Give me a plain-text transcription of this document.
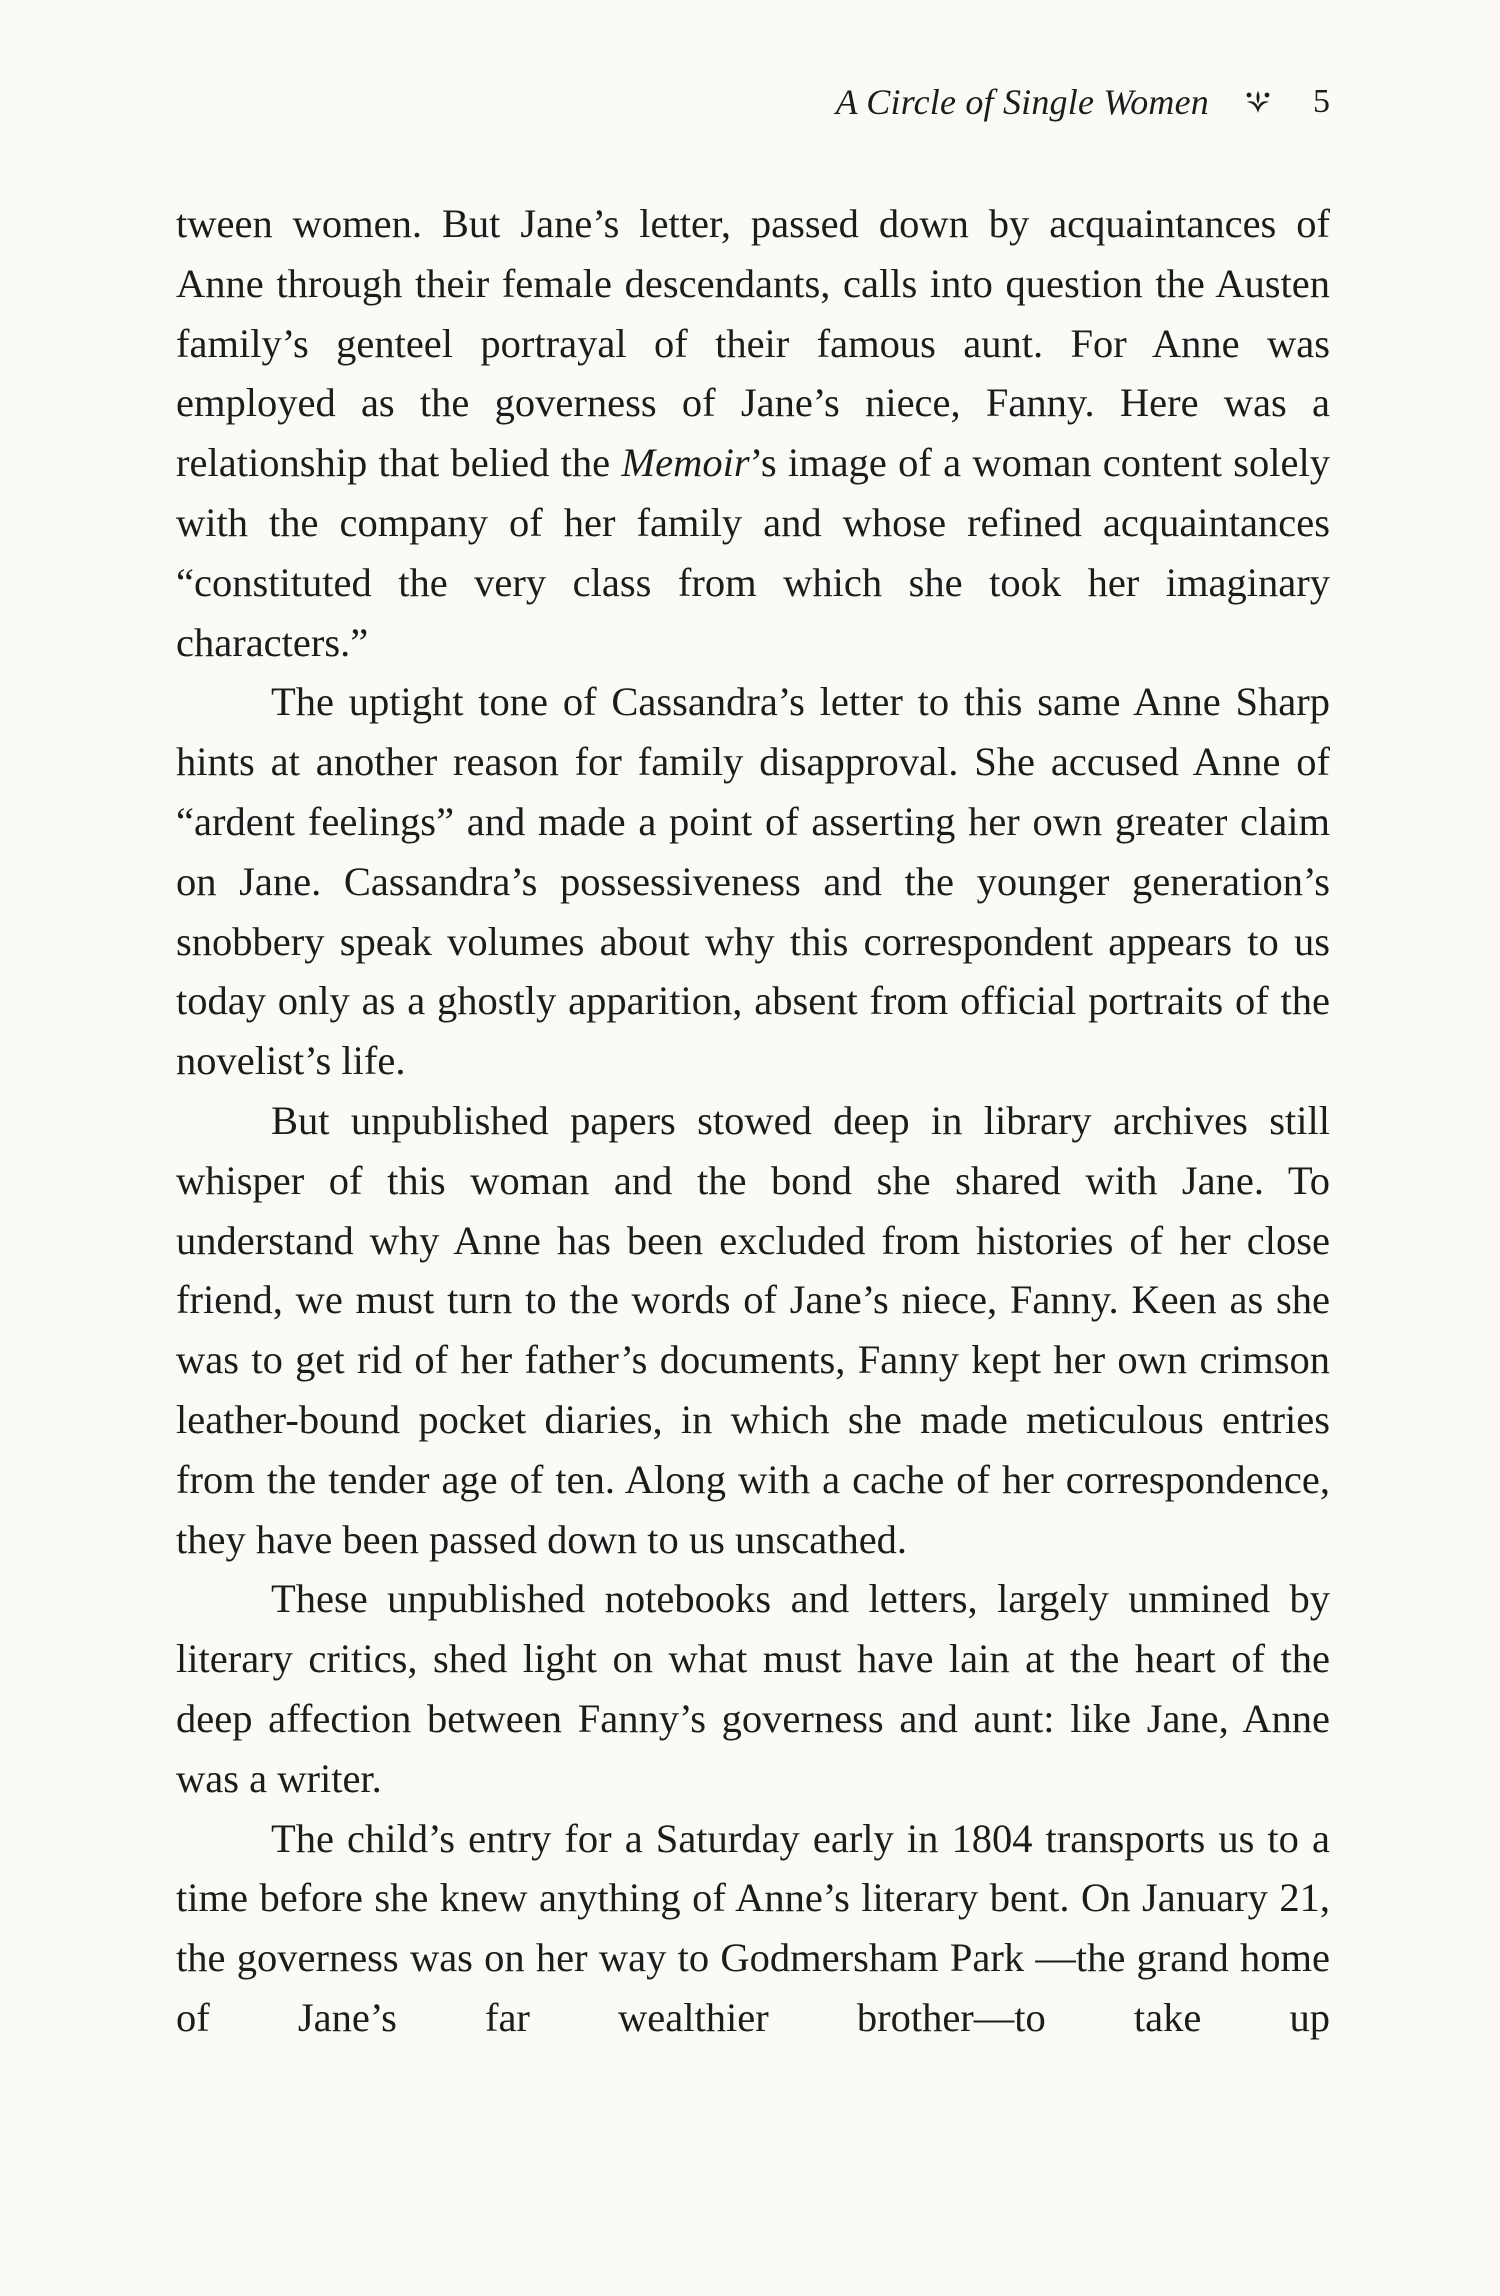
A Circle of Single Women	5

tween women. But Jane’s letter, passed down by acquaintances of Anne through their female descendants, calls into question the Austen family’s genteel portrayal of their famous aunt. For Anne was employed as the governess of Jane’s niece, Fanny. Here was a relationship that belied the Memoir’s image of a woman content solely with the company of her family and whose refined acquaintances “constituted the very class from which she took her imaginary characters.”

The uptight tone of Cassandra’s letter to this same Anne Sharp hints at another reason for family disapproval. She accused Anne of “ardent feelings” and made a point of asserting her own greater claim on Jane. Cassandra’s possessiveness and the younger generation’s snobbery speak volumes about why this correspondent appears to us today only as a ghostly apparition, absent from official portraits of the novelist’s life.

But unpublished papers stowed deep in library archives still whisper of this woman and the bond she shared with Jane. To understand why Anne has been excluded from histories of her close friend, we must turn to the words of Jane’s niece, Fanny. Keen as she was to get rid of her father’s documents, Fanny kept her own crimson leather-bound pocket diaries, in which she made meticulous entries from the tender age of ten. Along with a cache of her correspondence, they have been passed down to us unscathed.

These unpublished notebooks and letters, largely unmined by literary critics, shed light on what must have lain at the heart of the deep affection between Fanny’s governess and aunt: like Jane, Anne was a writer.

The child’s entry for a Saturday early in 1804 transports us to a time before she knew anything of Anne’s literary bent. On January 21, the governess was on her way to Godmersham Park —the grand home of Jane’s far wealthier brother—to take up
